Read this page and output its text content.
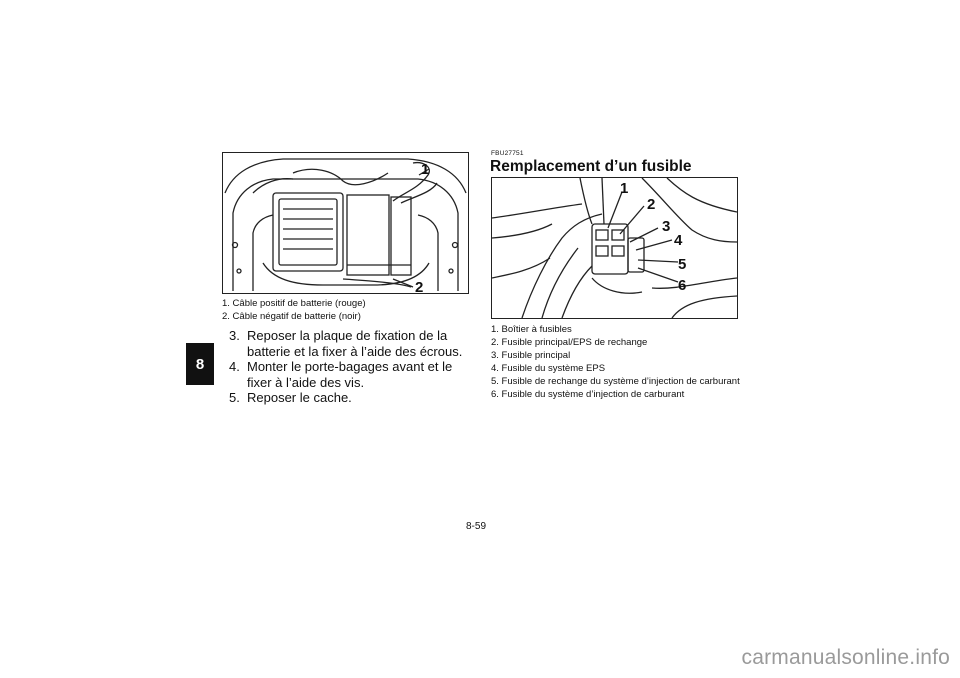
8
1
2
1. Câble positif de batterie (rouge)
2. Câble négatif de batterie (noir)
3. Reposer la plaque de fixation de la batterie et la fixer à l’aide des écrous.
4. Monter le porte-bagages avant et le fixer à l’aide des vis.
5. Reposer le cache.
FBU27751
Remplacement d’un fusible
1
2
3
4
5
6
1. Boîtier à fusibles
2. Fusible principal/EPS de rechange
3. Fusible principal
4. Fusible du système EPS
5. Fusible de rechange du système d’injection de carburant
6. Fusible du système d’injection de carburant
8-59
carmanualsonline.info
